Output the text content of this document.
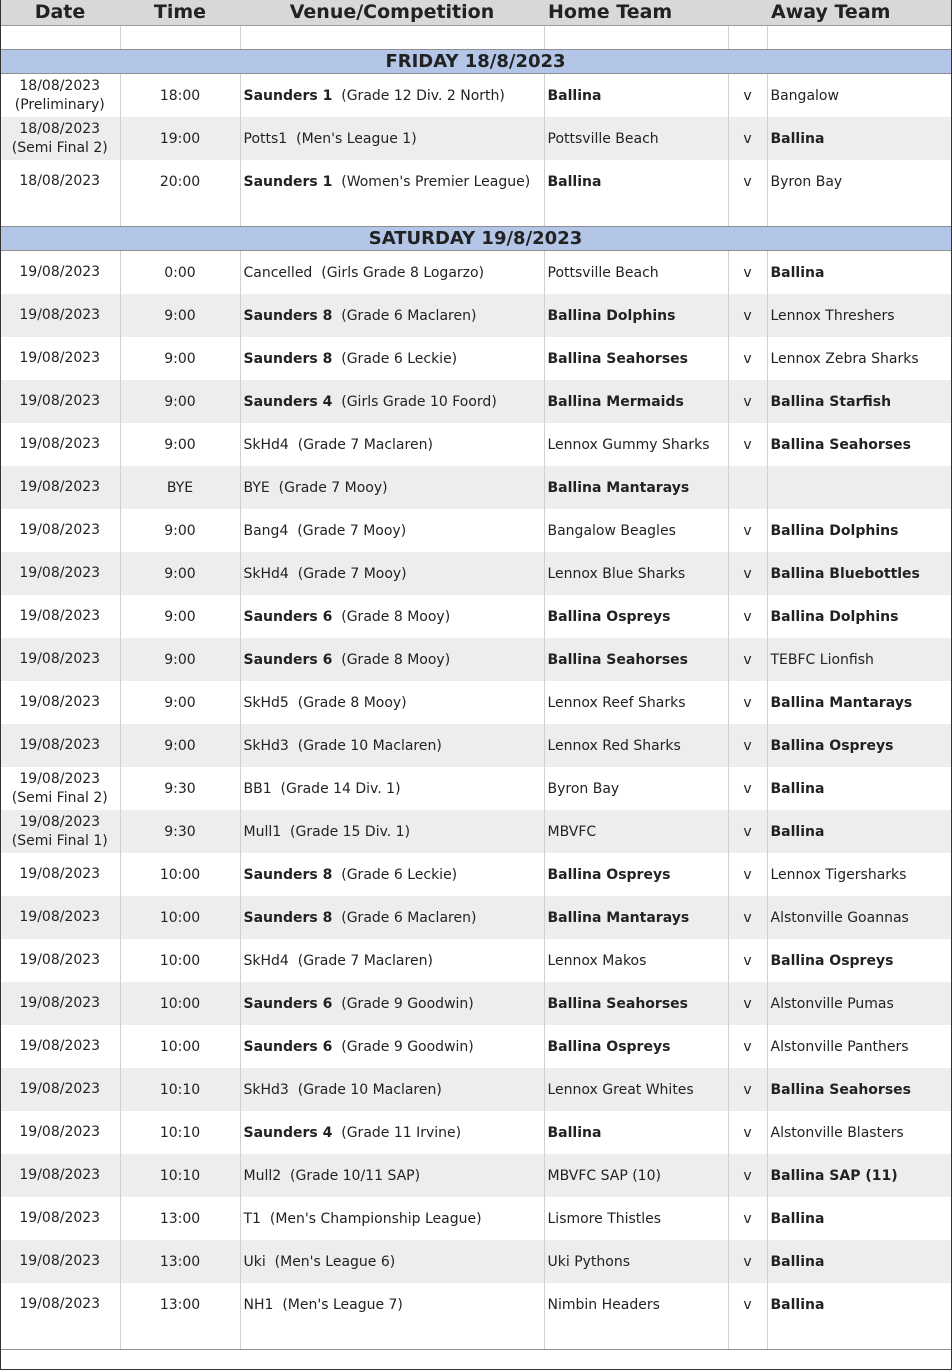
Date	Time	Venue/Competition	Home Team		Away Team

FRIDAY 18/8/2023					

18/08/2023
(Preliminary)	18:00	Saunders 1 (Grade 12 Div. 2 North)	Ballina	v	Bangalow

18/08/2023
(Semi Final 2)	19:00	Potts1 (Men's League 1)	Pottsville Beach	v	Ballina

18/08/2023	20:00	Saunders 1 (Women's Premier League)	Ballina	v	Byron Bay

SATURDAY 19/8/2023					

19/08/2023	0:00	Cancelled (Girls Grade 8 Logarzo)	Pottsville Beach	v	Ballina

19/08/2023	9:00	Saunders 8 (Grade 6 Maclaren)	Ballina Dolphins	v	Lennox Threshers

19/08/2023	9:00	Saunders 8 (Grade 6 Leckie)	Ballina Seahorses	v	Lennox Zebra Sharks

19/08/2023	9:00	Saunders 4 (Girls Grade 10 Foord)	Ballina Mermaids	v	Ballina Starfish

19/08/2023	9:00	SkHd4 (Grade 7 Maclaren)	Lennox Gummy Sharks	v	Ballina Seahorses

19/08/2023	BYE	BYE (Grade 7 Mooy)	Ballina Mantarays		

19/08/2023	9:00	Bang4 (Grade 7 Mooy)	Bangalow Beagles	v	Ballina Dolphins

19/08/2023	9:00	SkHd4 (Grade 7 Mooy)	Lennox Blue Sharks	v	Ballina Bluebottles

19/08/2023	9:00	Saunders 6 (Grade 8 Mooy)	Ballina Ospreys	v	Ballina Dolphins

19/08/2023	9:00	Saunders 6 (Grade 8 Mooy)	Ballina Seahorses	v	TEBFC Lionfish

19/08/2023	9:00	SkHd5 (Grade 8 Mooy)	Lennox Reef Sharks	v	Ballina Mantarays

19/08/2023	9:00	SkHd3 (Grade 10 Maclaren)	Lennox Red Sharks	v	Ballina Ospreys

19/08/2023
(Semi Final 2)	9:30	BB1 (Grade 14 Div. 1)	Byron Bay	v	Ballina

19/08/2023
(Semi Final 1)	9:30	Mull1 (Grade 15 Div. 1)	MBVFC	v	Ballina

19/08/2023	10:00	Saunders 8 (Grade 6 Leckie)	Ballina Ospreys	v	Lennox Tigersharks

19/08/2023	10:00	Saunders 8 (Grade 6 Maclaren)	Ballina Mantarays	v	Alstonville Goannas

19/08/2023	10:00	SkHd4 (Grade 7 Maclaren)	Lennox Makos	v	Ballina Ospreys

19/08/2023	10:00	Saunders 6 (Grade 9 Goodwin)	Ballina Seahorses	v	Alstonville Pumas

19/08/2023	10:00	Saunders 6 (Grade 9 Goodwin)	Ballina Ospreys	v	Alstonville Panthers

19/08/2023	10:10	SkHd3 (Grade 10 Maclaren)	Lennox Great Whites	v	Ballina Seahorses

19/08/2023	10:10	Saunders 4 (Grade 11 Irvine)	Ballina	v	Alstonville Blasters

19/08/2023	10:10	Mull2 (Grade 10/11 SAP)	MBVFC SAP (10)	v	Ballina SAP (11)

19/08/2023	13:00	T1 (Men's Championship League)	Lismore Thistles	v	Ballina

19/08/2023	13:00	Uki (Men's League 6)	Uki Pythons	v	Ballina

19/08/2023	13:00	NH1 (Men's League 7)	Nimbin Headers	v	Ballina
